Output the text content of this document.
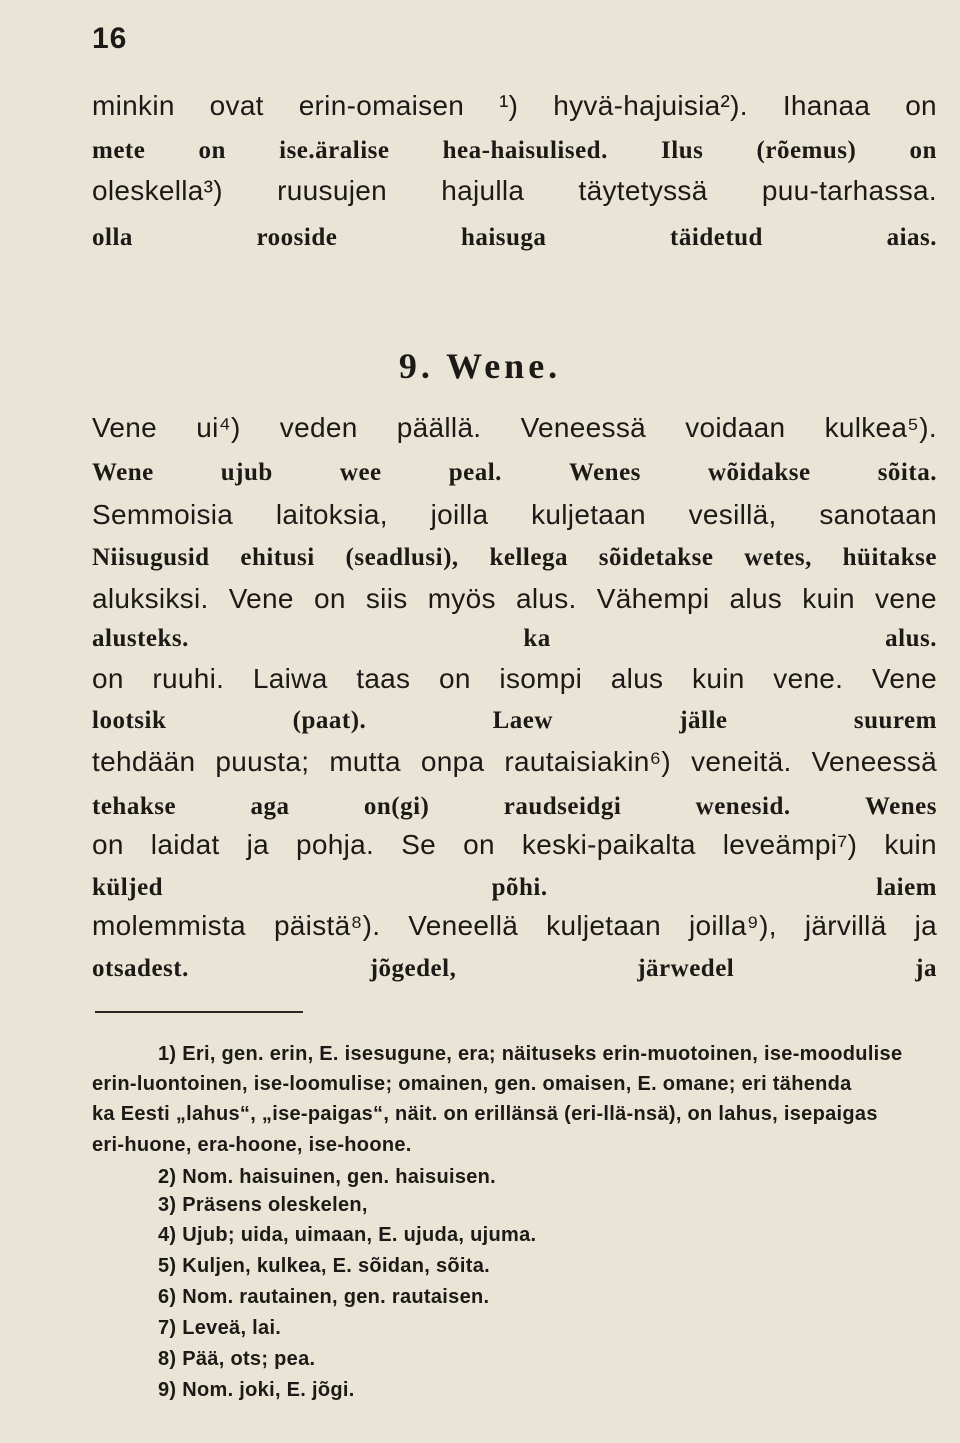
16
minkin ovat erin-omaisen ¹) hyvä-hajuisia²). Ihanaa on
mete on ise.äralise hea-haisulised. Ilus (rõemus) on
oleskella³) ruusujen hajulla täytetyssä puu-tarhassa.
olla	rooside	haisuga	täidetud	aias.
9. Wene.
Vene ui⁴) veden päällä. Veneessä voidaan kulkea⁵).
Wene	ujub	wee	peal.	Wenes	wõidakse	sõita.
Semmoisia laitoksia, joilla kuljetaan vesillä, sanotaan
Niisugusid ehitusi (seadlusi), kellega sõidetakse wetes, hüitakse
aluksiksi. Vene on siis myös alus. Vähempi alus kuin vene
alusteks.	ka	alus.
on ruuhi. Laiwa taas on isompi alus kuin vene. Vene
lootsik	(paat).	Laew	jälle	suurem
tehdään puusta; mutta onpa rautaisiakin⁶) veneitä. Veneessä
tehakse	aga	on(gi)	raudseidgi	wenesid.	Wenes
on laidat ja pohja. Se on keski-paikalta leveämpi⁷) kuin
küljed	põhi.	laiem
molemmista päistä⁸). Veneellä kuljetaan joilla⁹), järvillä ja
otsadest.	jõgedel,	järwedel	ja
1) Eri, gen. erin, E. isesugune, era; näituseks erin-muotoinen, ise-moodulise
erin-luontoinen, ise-loomulise; omainen, gen. omaisen, E. omane; eri tähenda
ka Eesti „lahus“, „ise-paigas“, näit. on erillänsä (eri-llä-nsä), on lahus, isepaigas
eri-huone, era-hoone, ise-hoone.
2) Nom. haisuinen, gen. haisuisen.
3) Präsens oleskelen,
4) Ujub; uida, uimaan, E. ujuda, ujuma.
5) Kuljen, kulkea, E. sõidan, sõita.
6) Nom. rautainen, gen. rautaisen.
7) Leveä, lai.
8) Pää, ots; pea.
9) Nom. joki, E. jõgi.
